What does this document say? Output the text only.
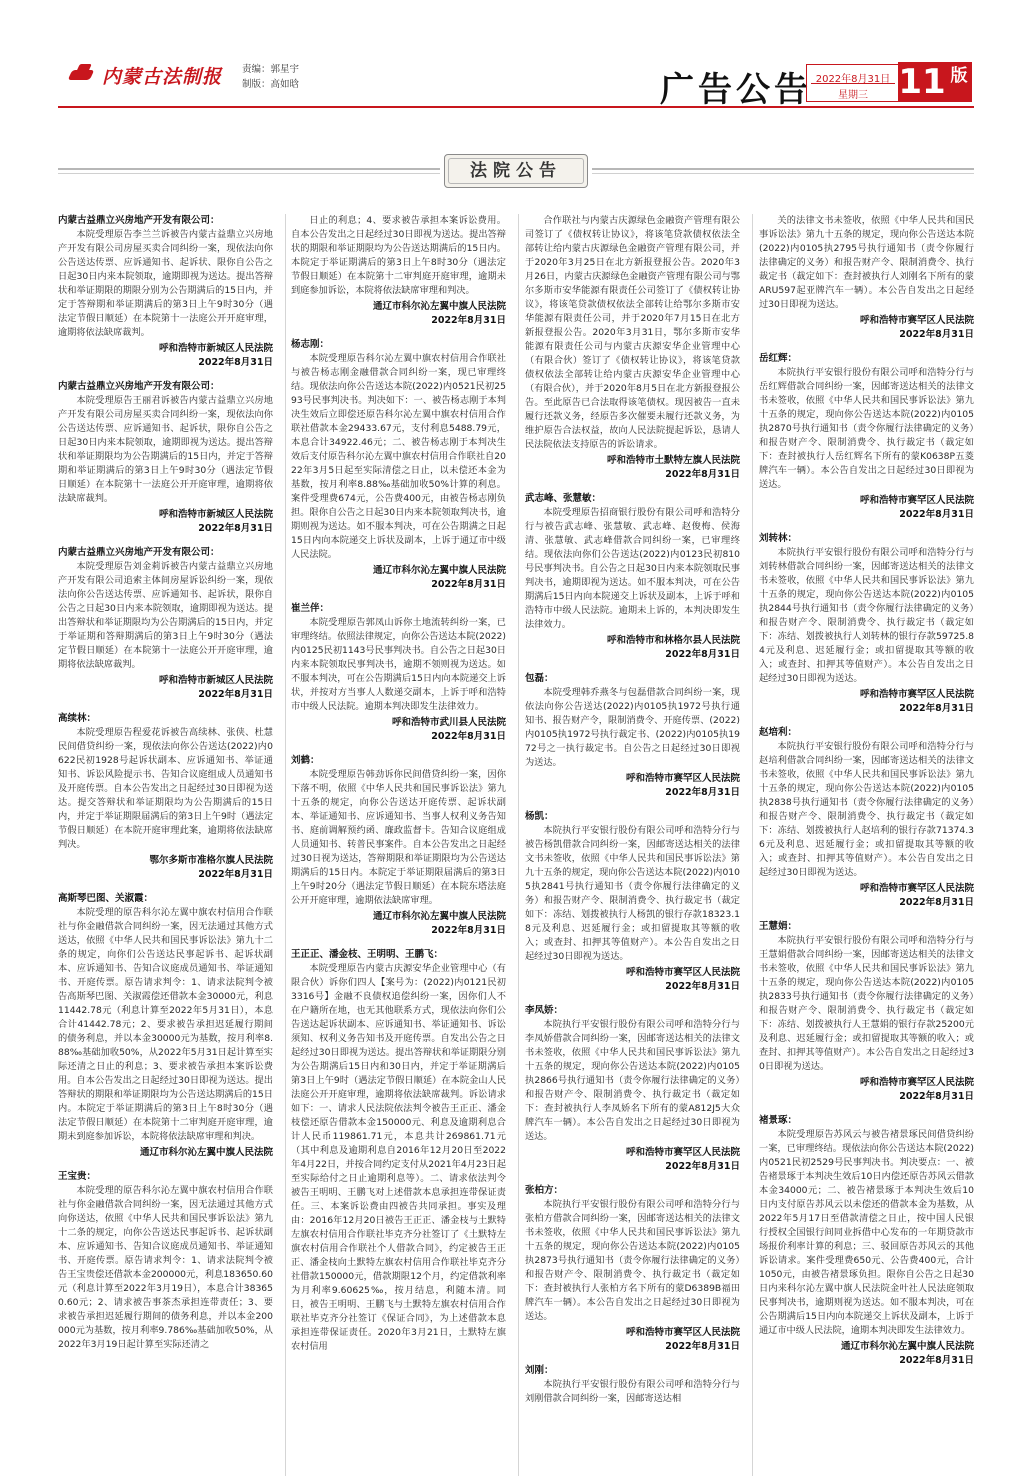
内蒙古法制报 责编：郭星宇
制版：高如晗	广告公告 2022年8月31日
星期三 11 版
法院公告

内蒙古益鼎立兴房地产开发有限公司：

本院受理原告李兰兰诉被告内蒙古益鼎立兴房地产开发有限公司房屋买卖合同纠纷一案，现依法向你公告送达传票、应诉通知书、起诉状、限你自公告之日起30日内来本院领取，逾期即视为送达。提出答辩状和举证期限的期限分别为公告期满后的15日内，并定于答辩期和举证期满后的第3日上午9时30分（遇法定节假日顺延）在本院第十一法庭公开开庭审理，逾期将依法缺席裁判。

呼和浩特市新城区人民法院

2022年8月31日

内蒙古益鼎立兴房地产开发有限公司：

本院受理原告王丽君诉被告内蒙古益鼎立兴房地产开发有限公司房屋买卖合同纠纷一案，现依法向你公告送达传票、应诉通知书、起诉状，限你自公告之日起30日内来本院领取，逾期即视为送达。提出答辩状和举证期限均为公告期满后的15日内，并定于答辩期和举证期满后的第3日上午9时30分（遇法定节假日顺延）在本院第十一法庭公开开庭审理，逾期将依法缺席裁判。

呼和浩特市新城区人民法院

2022年8月31日

内蒙古益鼎立兴房地产开发有限公司：

本院受理原告刘金莉诉被告内蒙古益鼎立兴房地产开发有限公司追索主体间房屋诉讼纠纷一案，现依法向你公告送达传票、应诉通知书、起诉状，限你自公告之日起30日内来本院领取，逾期即视为送达。提出答辩状和举证期限均为公告期满后的15日内，并定于举证期和答辩期满后的第3日上午9时30分（遇法定节假日顺延）在本院第十一法庭公开开庭审理，逾期将依法缺席裁判。

呼和浩特市新城区人民法院

2022年8月31日

高续林：

本院受理原告程爱花诉被告高续林、张侠、杜慧民间借贷纠纷一案，现依法向你公告送达(2022)内0622民初1928号起诉状副本、应诉通知书、举证通知书、诉讼风险提示书、告知合议庭组成人员通知书及开庭传票。自本公告发出之日起经过30日即视为送达。提交答辩状和举证期限均为公告期满后的15日内，并定于举证期限届满后的第3日上午9时（遇法定节假日顺延）在本院开庭审理此案，逾期将依法缺席判决。

鄂尔多斯市准格尔旗人民法院

2022年8月31日

高斯琴巴图、关淑霞：

本院受理的原告科尔沁左翼中旗农村信用合作联社与你金融借款合同纠纷一案，因无法通过其他方式送达，依照《中华人民共和国民事诉讼法》第九十二条的规定，向你们公告送达民事起诉书、起诉状副本、应诉通知书、告知合议庭成员通知书、举证通知书、开庭传票。原告请求判令：1、请求法院判令被告高斯琴巴图、关淑霞偿还借款本金30000元，利息11442.78元（利息计算至2022年5月31日），本息合计41442.78元；2、要求被告承担迟延履行期间的债务利息，并以本金30000元为基数，按月利率8.88‰基础加收50%，从2022年5月31日起计算至实际还清之日止的利息；3、要求被告承担本案诉讼费用。自本公告发出之日起经过30日即视为送达。提出答辩状的期限和举证期限均为公告送达期满后的15日内。本院定于举证期满后的第3日上午8时30分（遇法定节假日顺延）在本院第十二审判庭开庭审理，逾期未到庭参加诉讼，本院将依法缺席审理和判决。

通辽市科尔沁左翼中旗人民法院

王宝贵：

本院受理的原告科尔沁左翼中旗农村信用合作联社与你金融借款合同纠纷一案，因无法通过其他方式向你送达，依照《中华人民共和国民事诉讼法》第九十二条的规定，向你公告送达民事起诉书、起诉状副本、应诉通知书、告知合议庭成员通知书、举证通知书、开庭传票。原告请求判令：1、请求法院判令被告王宝贵偿还借款本金200000元，利息183650.60元（利息计算至2022年3月19日），本息合计383650.60元；2、请求被告事茶杰承担连带责任；3、要求被告承担迟延履行期间的债务利息，并以本金200000元为基数，按月利率9.786‰基础加收50%，从2022年3月19日起计算至实际还清之

日止的利息；4、要求被告承担本案诉讼费用。自本公告发出之日起经过30日即视为送达。提出答辩状的期限和举证期限均为公告送达期满后的15日内。本院定于举证期满后的第3日上午8时30分（遇法定节假日顺延）在本院第十二审判庭开庭审理，逾期未到庭参加诉讼，本院将依法缺席审理和判决。

通辽市科尔沁左翼中旗人民法院

2022年8月31日

杨志刚：

本院受理原告科尔沁左翼中旗农村信用合作联社与被告杨志刚金融借款合同纠纷一案，现已审理终结。现依法向你公告送达本院(2022)内0521民初2593号民事判决书。判决如下：一、被告杨志刚于本判决生效后立即偿还原告科尔沁左翼中旗农村信用合作联社借款本金29433.67元，支付利息5488.79元，本息合计34922.46元；二、被告杨志刚于本判决生效后支付原告科尔沁左翼中旗农村信用合作联社自2022年3月5日起至实际清偿之日止，以未偿还本金为基数，按月利率8.88‰基础加收50%计算的利息。案件受理费674元，公告费400元，由被告杨志刚负担。限你自公告之日起30日内来本院领取判决书，逾期则视为送达。如不服本判决，可在公告期满之日起15日内向本院递交上诉状及副本，上诉于通辽市中级人民法院。

通辽市科尔沁左翼中旗人民法院

2022年8月31日

崔兰伴：

本院受理原告郭凤山诉你土地流转纠纷一案，已审理终结。依照法律规定，向你公告送达本院(2022)内0125民初1143号民事判决书。自公告之日起30日内来本院领取民事判决书，逾期不领则视为送达。如不服本判决，可在公告期满后15日内向本院递交上诉状，并按对方当事人人数递交副本，上诉于呼和浩特市中级人民法院。逾期本判决即发生法律效力。

呼和浩特市武川县人民法院

2022年8月31日

刘鹤：

本院受理原告韩劲诉你民间借贷纠纷一案，因你下落不明，依照《中华人民共和国民事诉讼法》第九十五条的规定，向你公告送达开庭传票、起诉状副本、举证通知书、应诉通知书、当事人权利义务告知书、庭前调解预约函、廉政监督卡。告知合议庭组成人员通知书、转普民事案件。自本公告发出之日起经过30日视为送达，答辩期限和举证期限均为公告送达期满后的15日内。本院定于举证期限届满后的第3日上午9时20分（遇法定节假日顺延）在本院东塔法庭公开开庭审理，逾期依法缺席审理。

通辽市科尔沁左翼中旗人民法院

2022年8月31日

王正正、潘金枝、王明明、王鹏飞：

本院受理原告内蒙古庆源安华企业管理中心（有限合伙）诉你们四人【案号为：(2022)内0121民初3316号】金融不良债权追偿纠纷一案，因你们人不在户籍所在地，也无其他联系方式，现依法向你们公告送达起诉状副本、应诉通知书、举证通知书、诉讼须知、权利义务告知书及开庭传票。自发出公告之日起经过30日即视为送达。提出答辩状和举证期限分别为公告期满后15日内和30日内，并定于举证期满后第3日上午9时（遇法定节假日顺延）在本院金山人民法庭公开开庭审理，逾期将依法缺席裁判。诉讼请求如下：一、请求人民法院依法判令被告王正正、潘金枝偿还原告借款本金150000元、利息及逾期利息合计人民币119861.71元，本息共计269861.71元（其中利息及逾期利息自2016年12月20日至2022年4月22日，并按合同约定支付从2021年4月23日起至实际给付之日止逾期利息等）。二、请求依法判令被告王明明、王鹏飞对上述借款本息承担连带保证责任。三、本案诉讼费由四被告共同承担。事实及理由：2016年12月20日被告王正正、潘金枝与土默特左旗农村信用合作联社毕克齐分社签订了《土默特左旗农村信用合作联社个人借款合同》，约定被告王正正、潘金枝向土默特左旗农村信用合作联社毕克齐分社借款150000元，借款期限12个月，约定借款利率为月利率9.60625‰，按月结息，利随本清。同日，被告王明明、王鹏飞与土默特左旗农村信用合作联社毕克齐分社签订《保证合同》，为上述借款本息承担连带保证责任。2020年3月21日，土默特左旗农村信用

合作联社与内蒙古庆源绿色金融资产管理有限公司签订了《债权转让协议》，将该笔贷款债权依法全部转让给内蒙古庆源绿色金融资产管理有限公司，并于2020年3月25日在北方新报登报公告。2020年3月26日，内蒙古庆源绿色金融资产管理有限公司与鄂尔多斯市安华能源有限责任公司签订了《债权转让协议》，将该笔贷款债权依法全部转让给鄂尔多斯市安华能源有限责任公司，并于2020年7月15日在北方新报登报公告。2020年3月31日，鄂尔多斯市安华能源有限责任公司与内蒙古庆源安华企业管理中心（有限合伙）签订了《债权转让协议》，将该笔贷款债权依法全部转让给内蒙古庆源安华企业管理中心（有限合伙），并于2020年8月5日在北方新报登报公告。至此原告已合法取得该笔债权。现因被告一直未履行还款义务，经原告多次催要未履行还款义务，为维护原告合法权益，故向人民法院提起诉讼，恳请人民法院依法支持原告的诉讼请求。

呼和浩特市土默特左旗人民法院

2022年8月31日

武志峰、张慧敏：

本院受理原告招商银行股份有限公司呼和浩特分行与被告武志峰、张慧敏、武志峰、赵俊梅、侯海清、张慧敏、武志峰借款合同纠纷一案，已审理终结。现依法向你们公告送达(2022)内0123民初810号民事判决书。自公告之日起30日内来本院领取民事判决书，逾期即视为送达。如不服本判决，可在公告期满后15日内向本院递交上诉状及副本，上诉于呼和浩特市中级人民法院。逾期未上诉的，本判决即发生法律效力。

呼和浩特市和林格尔县人民法院

2022年8月31日

包磊：

本院受理韩乔燕冬与包磊借款合同纠纷一案，现依法向你公告送达(2022)内0105执1972号执行通知书、报告财产令，限制消费令、开庭传票、(2022)内0105执1972号执行裁定书、(2022)内0105执1972号之一执行裁定书。自公告之日起经过30日即视为送达。

呼和浩特市赛罕区人民法院

2022年8月31日

杨凯：

本院执行平安银行股份有限公司呼和浩特分行与被告杨凯借款合同纠纷一案，因邮寄送达相关的法律文书未签收，依照《中华人民共和国民事诉讼法》第九十五条的规定，现向你公告送达本院(2022)内0105执2841号执行通知书（责令你履行法律确定的义务）和报告财产令、限制消费令、执行裁定书（裁定如下：冻结、划拨被执行人杨凯的银行存款18323.18元及利息、迟延履行金；或扣留提取其等额的收入；或查封、扣押其等值财产）。本公告自发出之日起经过30日即视为送达。

呼和浩特市赛罕区人民法院

2022年8月31日

李凤娇：

本院执行平安银行股份有限公司呼和浩特分行与李凤娇借款合同纠纷一案，因邮寄送达相关的法律文书未签收，依照《中华人民共和国民事诉讼法》第九十五条的规定，现向你公告送达本院(2022)内0105执2866号执行通知书（责令你履行法律确定的义务）和报告财产令、限制消费令、执行裁定书（裁定如下：查封被执行人李凤娇名下所有的蒙A812J5大众牌汽车一辆）。本公告自发出之日起经过30日即视为送达。

呼和浩特市赛罕区人民法院

2022年8月31日

张柏方：

本院执行平安银行股份有限公司呼和浩特分行与张柏方借款合同纠纷一案，因邮寄送达相关的法律文书未签收，依照《中华人民共和国民事诉讼法》第九十五条的规定，现向你公告送达本院(2022)内0105执2873号执行通知书（责令你履行法律确定的义务）和报告财产令、限制消费令、执行裁定书（裁定如下：查封被执行人张柏方名下所有的蒙D6389B福田牌汽车一辆）。本公告自发出之日起经过30日即视为送达。

呼和浩特市赛罕区人民法院

2022年8月31日

刘刚：

本院执行平安银行股份有限公司呼和浩特分行与刘刚借款合同纠纷一案，因邮寄送达相

关的法律文书未签收，依照《中华人民共和国民事诉讼法》第九十五条的规定，现向你公告送达本院(2022)内0105执2795号执行通知书（责令你履行法律确定的义务）和报告财产令、限制消费令、执行裁定书（裁定如下：查封被执行人刘刚名下所有的蒙ARU597起亚牌汽车一辆）。本公告自发出之日起经过30日即视为送达。

呼和浩特市赛罕区人民法院

2022年8月31日

岳红辉：

本院执行平安银行股份有限公司呼和浩特分行与岳红辉借款合同纠纷一案，因邮寄送达相关的法律文书未签收，依照《中华人民共和国民事诉讼法》第九十五条的规定，现向你公告送达本院(2022)内0105执2870号执行通知书（责令你履行法律确定的义务）和报告财产令、限制消费令、执行裁定书（裁定如下：查封被执行人岳红辉名下所有的蒙K0638P五菱牌汽车一辆）。本公告自发出之日起经过30日即视为送达。

呼和浩特市赛罕区人民法院

2022年8月31日

刘转林：

本院执行平安银行股份有限公司呼和浩特分行与刘转林借款合同纠纷一案，因邮寄送达相关的法律文书未签收，依照《中华人民共和国民事诉讼法》第九十五条的规定，现向你公告送达本院(2022)内0105执2844号执行通知书（责令你履行法律确定的义务）和报告财产令、限制消费令、执行裁定书（裁定如下：冻结、划拨被执行人刘转林的银行存款59725.84元及利息、迟延履行金；或扣留提取其等额的收入；或查封、扣押其等值财产）。本公告自发出之日起经过30日即视为送达。

呼和浩特市赛罕区人民法院

2022年8月31日

赵培利：

本院执行平安银行股份有限公司呼和浩特分行与赵培利借款合同纠纷一案，因邮寄送达相关的法律文书未签收，依照《中华人民共和国民事诉讼法》第九十五条的规定，现向你公告送达本院(2022)内0105执2838号执行通知书（责令你履行法律确定的义务）和报告财产令、限制消费令、执行裁定书（裁定如下：冻结、划拨被执行人赵培利的银行存款71374.36元及利息、迟延履行金；或扣留提取其等额的收入；或查封、扣押其等值财产）。本公告自发出之日起经过30日即视为送达。

呼和浩特市赛罕区人民法院

2022年8月31日

王慧娟：

本院执行平安银行股份有限公司呼和浩特分行与王慧娟借款合同纠纷一案，因邮寄送达相关的法律文书未签收，依照《中华人民共和国民事诉讼法》第九十五条的规定，现向你公告送达本院(2022)内0105执2833号执行通知书（责令你履行法律确定的义务）和报告财产令、限制消费令、执行裁定书（裁定如下：冻结、划拨被执行人王慧娟的银行存款25200元及利息、迟延履行金；或扣留提取其等额的收入；或查封、扣押其等值财产）。本公告自发出之日起经过30日即视为送达。

呼和浩特市赛罕区人民法院

2022年8月31日

褚景琢：

本院受理原告苏风云与被告褚景琢民间借贷纠纷一案，已审理终结。现依法向你公告送达本院(2022)内0521民初2529号民事判决书。判决要点：一、被告褚景琢于本判决生效后10日内偿还原告苏风云借款本金34000元；二、被告褚景琢于本判决生效后10日内支付原告苏风云以未偿还的借款本金为基数，从2022年5月17日至借款清偿之日止，按中国人民银行授权全国银行间同业拆借中心发布的一年期贷款市场报价利率计算的利息；三、驳回原告苏风云的其他诉讼请求。案件受理费650元、公告费400元，合计1050元，由被告褚景琢负担。限你自公告之日起30日内来科尔沁左翼中旗人民法院金叶社人民法庭领取民事判决书，逾期则视为送达。如不服本判决，可在公告期满后15日内向本院递交上诉状及副本，上诉于通辽市中级人民法院，逾期本判决即发生法律效力。

通辽市科尔沁左翼中旗人民法院

2022年8月31日
